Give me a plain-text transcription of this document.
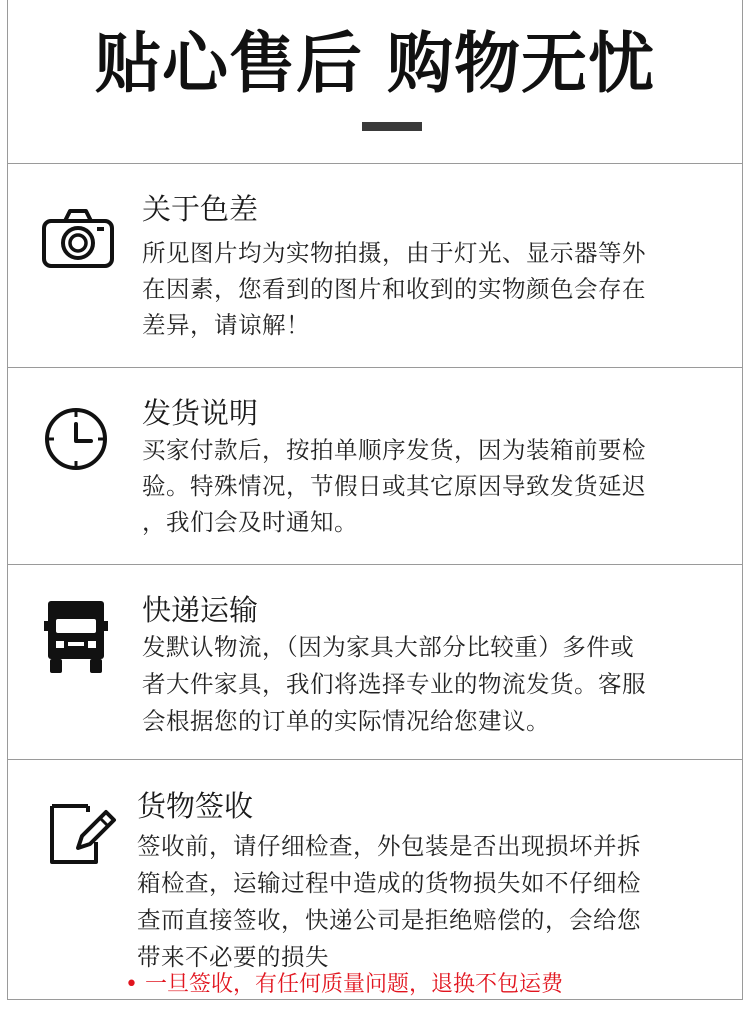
贴心售后 购物无忧
关于色差
所见图片均为实物拍摄，由于灯光、显示器等外
在因素，您看到的图片和收到的实物颜色会存在
差异，请谅解！
发货说明
买家付款后，按拍单顺序发货，因为装箱前要检
验。特殊情况，节假日或其它原因导致发货延迟
，我们会及时通知。
快递运输
发默认物流，（因为家具大部分比较重）多件或
者大件家具，我们将选择专业的物流发货。客服
会根据您的订单的实际情况给您建议。
货物签收
签收前，请仔细检查，外包装是否出现损坏并拆
箱检查，运输过程中造成的货物损失如不仔细检
查而直接签收，快递公司是拒绝赔偿的，会给您
带来不必要的损失
• 一旦签收，有任何质量问题，退换不包运费
